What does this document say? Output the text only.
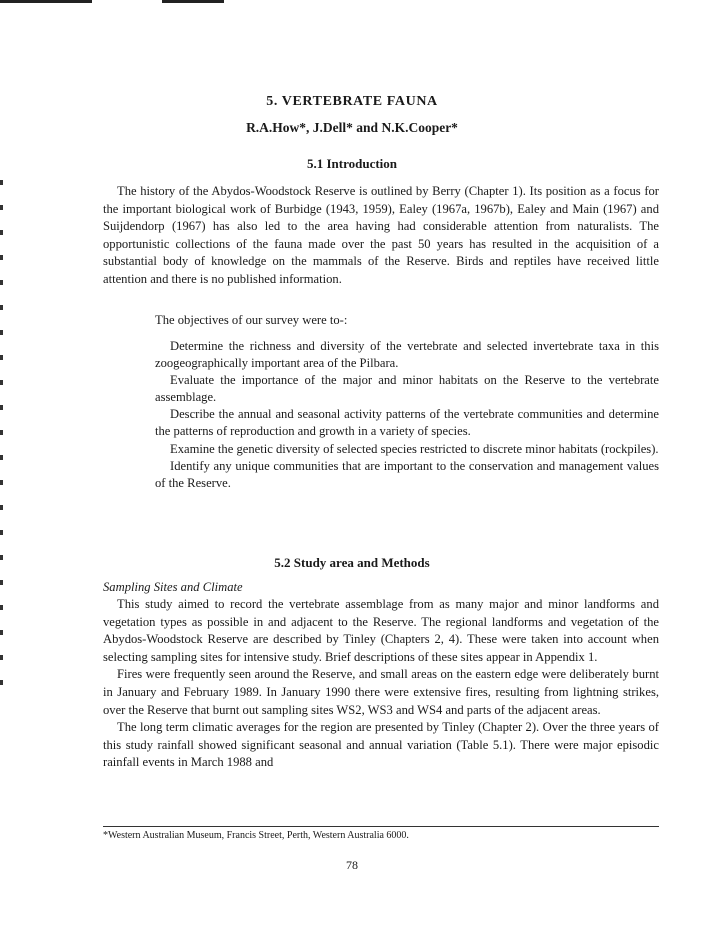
5. VERTEBRATE FAUNA
R.A.How*, J.Dell* and N.K.Cooper*
5.1 Introduction

The history of the Abydos-Woodstock Reserve is outlined by Berry (Chapter 1). Its position as a focus for the important biological work of Burbidge (1943, 1959), Ealey (1967a, 1967b), Ealey and Main (1967) and Suijdendorp (1967) has also led to the area having had considerable attention from naturalists. The opportunistic collections of the fauna made over the past 50 years has resulted in the acquisition of a substantial body of knowledge on the mammals of the Reserve. Birds and reptiles have received little attention and there is no published information.

The objectives of our survey were to-:

Determine the richness and diversity of the vertebrate and selected invertebrate taxa in this zoogeographically important area of the Pilbara.

Evaluate the importance of the major and minor habitats on the Reserve to the vertebrate assemblage.

Describe the annual and seasonal activity patterns of the vertebrate communities and determine the patterns of reproduction and growth in a variety of species.

Examine the genetic diversity of selected species restricted to discrete minor habitats (rockpiles).

Identify any unique communities that are important to the conservation and management values of the Reserve.

5.2 Study area and Methods
Sampling Sites and Climate

This study aimed to record the vertebrate assemblage from as many major and minor landforms and vegetation types as possible in and adjacent to the Reserve. The regional landforms and vegetation of the Abydos-Woodstock Reserve are described by Tinley (Chapters 2, 4). These were taken into account when selecting sampling sites for intensive study. Brief descriptions of these sites appear in Appendix 1.

Fires were frequently seen around the Reserve, and small areas on the eastern edge were deliberately burnt in January and February 1989. In January 1990 there were extensive fires, resulting from lightning strikes, over the Reserve that burnt out sampling sites WS2, WS3 and WS4 and parts of the adjacent areas.

The long term climatic averages for the region are presented by Tinley (Chapter 2). Over the three years of this study rainfall showed significant seasonal and annual variation (Table 5.1). There were major episodic rainfall events in March 1988 and

*Western Australian Museum, Francis Street, Perth, Western Australia 6000.
78
